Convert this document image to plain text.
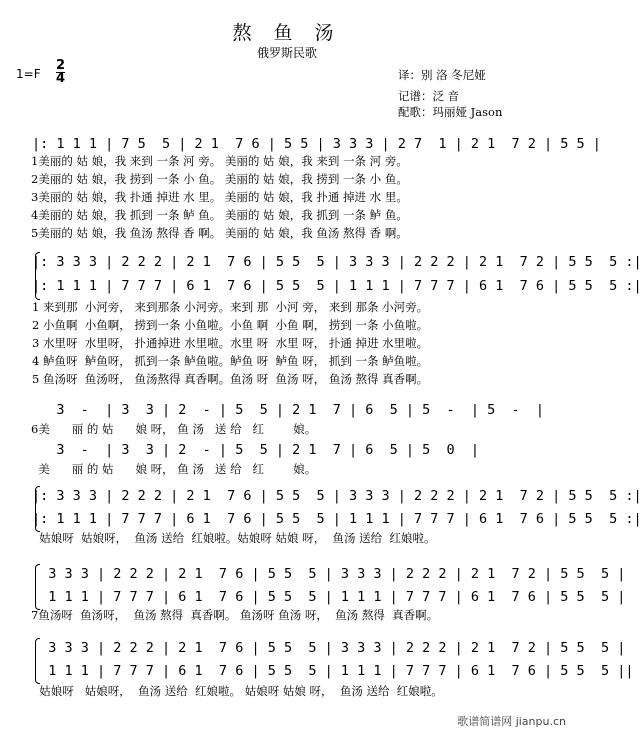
熬 鱼 汤
俄罗斯民歌
1=F
2
4	译：别 洛 冬尼娅
记谱：泛 音
配歌：玛丽娅 Jason
|: 1 1 1 | 7 5  5 | 2 1  7 6 | 5 5 | 3 3 3 | 2 7  1 | 2 1  7 2 | 5 5 |
1美丽的 姑 娘，我 来到 一条 河 旁。 美丽的 姑 娘，我 来到 一条 河 旁。
2美丽的 姑 娘，我 捞到 一条 小 鱼。 美丽的 姑 娘，我 捞到 一条 小 鱼。
3美丽的 姑 娘，我 扑通 掉进 水 里。 美丽的 姑 娘，我 扑通 掉进 水 里。
4美丽的 姑 娘，我 抓到 一条 鲈 鱼。 美丽的 姑 娘，我 抓到 一条 鲈 鱼。
5美丽的 姑 娘，我 鱼汤 熬得 香 啊。 美丽的 姑 娘，我 鱼汤 熬得 香 啊。
|: 3 3 3 | 2 2 2 | 2 1  7 6 | 5 5  5 | 3 3 3 | 2 2 2 | 2 1  7 2 | 5 5  5 :|
|: 1 1 1 | 7 7 7 | 6 1  7 6 | 5 5  5 | 1 1 1 | 7 7 7 | 6 1  7 6 | 5 5  5 :|
1 来到那  小河旁， 来到那条 小河旁。来到 那  小河 旁， 来到 那条 小河旁。
2 小鱼啊  小鱼啊， 捞到一条 小鱼啦。小鱼 啊  小鱼 啊， 捞到 一条 小鱼啦。
3 水里呀  水里呀， 扑通掉进 水里啦。水里 呀  水里 呀， 扑通 掉进 水里啦。
4 鲈鱼呀  鲈鱼呀， 抓到一条 鲈鱼啦。鲈鱼 呀  鲈鱼 呀， 抓到 一条 鲈鱼啦。
5 鱼汤呀  鱼汤呀， 鱼汤熬得 真香啊。鱼汤 呀  鱼汤 呀， 鱼汤 熬得 真香啊。
3  -  | 3  3 | 2  - | 5  5 | 2 1  7 | 6  5 | 5  -  | 5  -  |
6美      丽 的 姑      娘 呀， 鱼 汤   送 给   红        娘。
3  -  | 3  3 | 2  - | 5  5 | 2 1  7 | 6  5 | 5  0  |
美      丽 的 姑      娘 呀， 鱼 汤   送 给   红        娘。
|: 3 3 3 | 2 2 2 | 2 1  7 6 | 5 5  5 | 3 3 3 | 2 2 2 | 2 1  7 2 | 5 5  5 :|
|: 1 1 1 | 7 7 7 | 6 1  7 6 | 5 5  5 | 1 1 1 | 7 7 7 | 6 1  7 6 | 5 5  5 :|
姑娘呀  姑娘呀，  鱼汤 送给  红娘啦。姑娘呀 姑娘 呀，  鱼汤 送给  红娘啦。
3 3 3 | 2 2 2 | 2 1  7 6 | 5 5  5 | 3 3 3 | 2 2 2 | 2 1  7 2 | 5 5  5 |
1 1 1 | 7 7 7 | 6 1  7 6 | 5 5  5 | 1 1 1 | 7 7 7 | 6 1  7 6 | 5 5  5 |
7鱼汤呀  鱼汤呀，  鱼汤 熬得  真香啊。 鱼汤呀 鱼汤 呀，  鱼汤 熬得  真香啊。
3 3 3 | 2 2 2 | 2 1  7 6 | 5 5  5 | 3 3 3 | 2 2 2 | 2 1  7 2 | 5 5  5 |
1 1 1 | 7 7 7 | 6 1  7 6 | 5 5  5 | 1 1 1 | 7 7 7 | 6 1  7 6 | 5 5  5 ||
姑娘呀   姑娘呀，  鱼汤 送给  红娘啦。 姑娘呀 姑娘 呀，  鱼汤 送给  红娘啦。
歌谱简谱网 jianpu.cn
